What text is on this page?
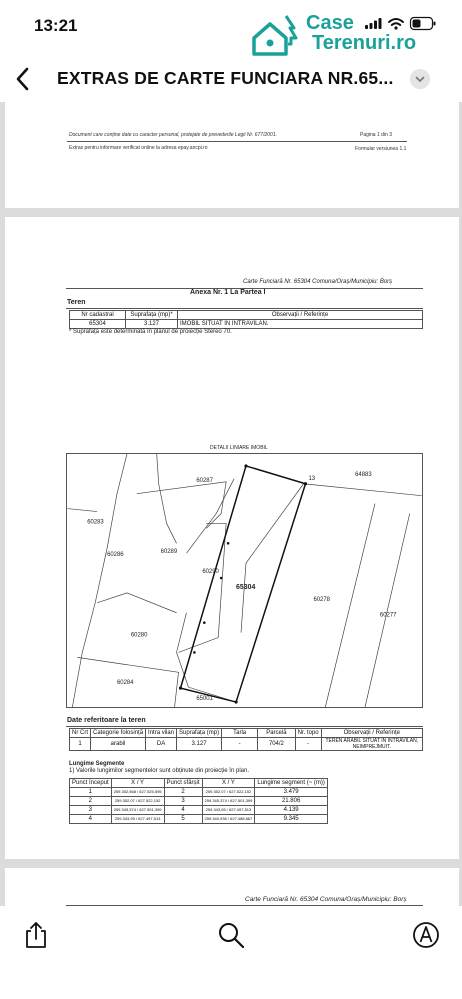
13:21	Case
Terenuri.ro
EXTRAS DE CARTE FUNCIARA NR.65...
Document care conține date cu caracter personal, protejate de prevederile Legii Nr. 677/2001.	Pagina 1 din 3
Extras pentru informare verificat online la adresa epay.ancpi.ro	Formular versiunea 1.1
Carte Funciară Nr. 65304 Comuna/Oraș/Municipiu: Borș
Anexa Nr. 1 La Partea I
Teren
Nr cadastral	Suprafața (mp)*	Observații / Referințe
65304	3.127	IMOBIL SITUAT IN INTRAVILAN.
* Suprafața este determinată în planul de proiecție Stereo 70.
DETALII LINIARE IMOBIL
60287
64883
60283
60286	60289
60290
65304
60278
60277
60280
60284
65001
13
Date referitoare la teren
Nr Crt	Categorie folosință	Intra vilan	Suprafața (mp)	Tarla	Parcelă	Nr. topo	Observații / Referințe
1	arabil	DA	3.127	-	704/2	-	TEREN ARABIL SITUAT IN INTRAVILAN, NEIMPREJMUIT.
Lungime Segmente
1) Valorile lungimilor segmentelor sunt obținute din proiecție în plan.
Punct început	X / Y	Punct sfârșit	X / Y	Lungime segment (~ (m))
1	259.352,568 / 627.525,595	2	259.352,07 / 627.522,152	3.479
2	259.352,07 / 627.522,152	3	259.345,374 / 627.501,399	21.806
3	259.345,374 / 627.501,399	4	259.343,95 / 627.497,513	4.139
4	259.343,95 / 627.497,513	5	259.340,936 / 627.488,667	9.345
Carte Funciară Nr. 65304 Comuna/Oraș/Municipiu: Borș
